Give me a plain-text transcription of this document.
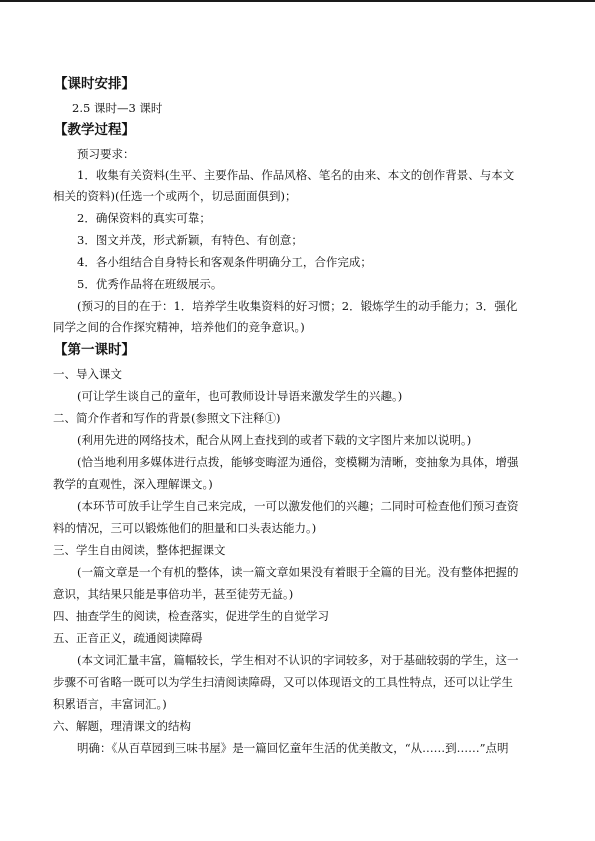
【课时安排】
2.5 课时—3 课时
【教学过程】
预习要求：
1．收集有关资料(生平、主要作品、作品风格、笔名的由来、本文的创作背景、与本文
相关的资料)(任选一个或两个，切忌面面俱到)；
2．确保资料的真实可靠；
3．图文并茂，形式新颖，有特色、有创意；
4．各小组结合自身特长和客观条件明确分工，合作完成；
5．优秀作品将在班级展示。
(预习的目的在于：1．培养学生收集资料的好习惯；2．锻炼学生的动手能力；3．强化
同学之间的合作探究精神，培养他们的竞争意识。)
【第一课时】
一、导入课文
(可让学生谈自己的童年，也可教师设计导语来激发学生的兴趣。)
二、简介作者和写作的背景(参照文下注释①)
(利用先进的网络技术，配合从网上查找到的或者下载的文字图片来加以说明。)
(恰当地利用多媒体进行点拨，能够变晦涩为通俗，变模糊为清晰，变抽象为具体，增强
教学的直观性，深入理解课文。)
(本环节可放手让学生自己来完成，一可以激发他们的兴趣；二同时可检查他们预习查资
料的情况，三可以锻炼他们的胆量和口头表达能力。)
三、学生自由阅读，整体把握课文
(一篇文章是一个有机的整体，读一篇文章如果没有着眼于全篇的目光。没有整体把握的
意识，其结果只能是事倍功半，甚至徒劳无益。)
四、抽查学生的阅读，检查落实，促进学生的自觉学习
五、正音正义，疏通阅读障碍
(本文词汇量丰富，篇幅较长，学生相对不认识的字词较多，对于基础较弱的学生，这一
步骤不可省略一既可以为学生扫清阅读障碍，又可以体现语文的工具性特点，还可以让学生
积累语言，丰富词汇。)
六、解题，理清课文的结构
明确：《从百草园到三味书屋》是一篇回忆童年生活的优美散文，“从……到……”点明
